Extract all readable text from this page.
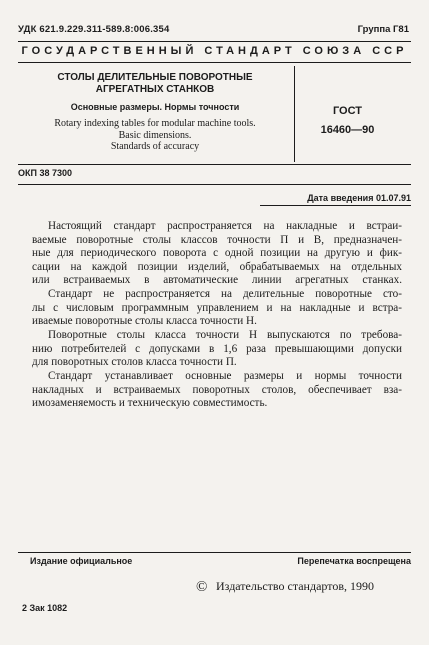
УДК 621.9.229.311-589.8:006.354	Группа Г81
ГОСУДАРСТВЕННЫЙ СТАНДАРТ СОЮЗА ССР
СТОЛЫ ДЕЛИТЕЛЬНЫЕ ПОВОРОТНЫЕ
АГРЕГАТНЫХ СТАНКОВ
Основные размеры. Нормы точности
Rotary indexing tables for modular machine tools.
Basic dimensions.
Standards of accuracy
ГОСТ
16460—90
ОКП 38 7300
Дата введения 01.07.91
Настоящий стандарт распространяется на накладные и встраи-
ваемые поворотные столы классов точности П и В, предназначен-
ные для периодического поворота с одной позиции на другую и фик-
сации на каждой позиции изделий, обрабатываемых на отдельных
или встраиваемых в автоматические линии агрегатных станках.
Стандарт не распространяется на делительные поворотные сто-
лы с числовым программным управлением и на накладные и встра-
иваемые поворотные столы класса точности Н.
Поворотные столы класса точности Н выпускаются по требова-
нию потребителей с допусками в 1,6 раза превышающими допуски
для поворотных столов класса точности П.
Стандарт устанавливает основные размеры и нормы точности
накладных и встраиваемых поворотных столов, обеспечивает вза-
имозаменяемость и техническую совместимость.
Издание официальное	Перепечатка воспрещена
© Издательство стандартов, 1990
2 Зак 1082
